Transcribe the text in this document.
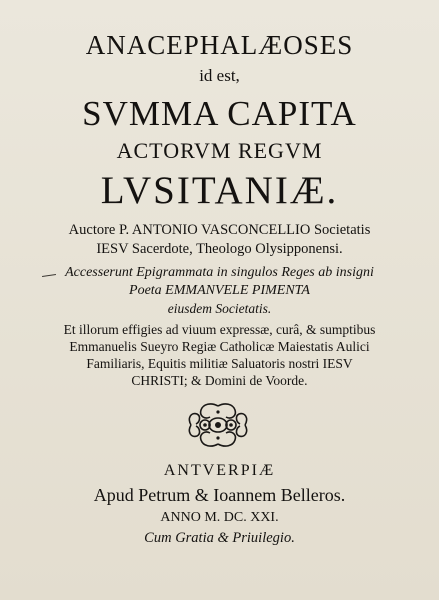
ANACEPHALÆOSES
id est,
SVMMA CAPITA
ACTORVM REGVM
LVSITANIÆ.
Auctore P. ANTONIO VASCONCELLIO Societatis
IESV Sacerdote, Theologo Olysipponensi.
Accesserunt Epigrammata in singulos Reges ab insigni
Poeta EMMANVELE PIMENTA
eiusdem Societatis.
Et illorum effigies ad viuum expressæ, curâ, & sumptibus
Emmanuelis Sueyro Regiæ Catholicæ Maiestatis Aulici
Familiaris, Equitis militiæ Saluatoris nostri IESV
CHRISTI; & Domini de Voorde.
ANTVERPIÆ
Apud Petrum & Ioannem Belleros.
ANNO M. DC. XXI.
Cum Gratia & Priuilegio.
